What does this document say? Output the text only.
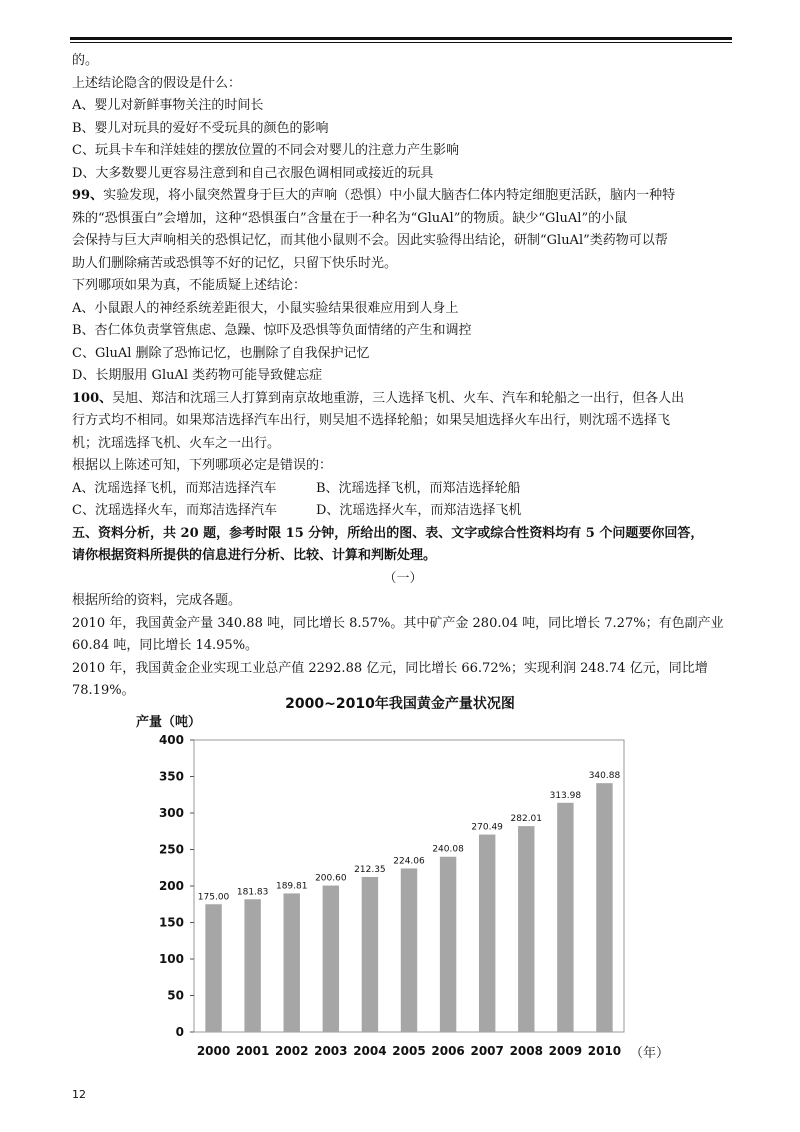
的。
上述结论隐含的假设是什么：
A、婴儿对新鲜事物关注的时间长
B、婴儿对玩具的爱好不受玩具的颜色的影响
C、玩具卡车和洋娃娃的摆放位置的不同会对婴儿的注意力产生影响
D、大多数婴儿更容易注意到和自己衣服色调相同或接近的玩具
99、实验发现，将小鼠突然置身于巨大的声响（恐惧）中小鼠大脑杏仁体内特定细胞更活跃，脑内一种特
殊的“恐惧蛋白”会增加，这种“恐惧蛋白”含量在于一种名为“GluAl”的物质。缺少“GluAl”的小鼠
会保持与巨大声响相关的恐惧记忆，而其他小鼠则不会。因此实验得出结论，研制“GluAl”类药物可以帮
助人们删除痛苦或恐惧等不好的记忆，只留下快乐时光。
下列哪项如果为真，不能质疑上述结论：
A、小鼠跟人的神经系统差距很大，小鼠实验结果很难应用到人身上
B、杏仁体负责掌管焦虑、急躁、惊吓及恐惧等负面情绪的产生和调控
C、GluAl 删除了恐怖记忆，也删除了自我保护记忆
D、长期服用 GluAl 类药物可能导致健忘症
100、吴旭、郑洁和沈瑶三人打算到南京故地重游，三人选择飞机、火车、汽车和轮船之一出行，但各人出
行方式均不相同。如果郑洁选择汽车出行，则吴旭不选择轮船；如果吴旭选择火车出行，则沈瑶不选择飞
机；沈瑶选择飞机、火车之一出行。
根据以上陈述可知，下列哪项必定是错误的：
A、沈瑶选择飞机，而郑洁选择汽车	B、沈瑶选择飞机，而郑洁选择轮船
C、沈瑶选择火车，而郑洁选择汽车	D、沈瑶选择火车，而郑洁选择飞机
五、资料分析，共 20 题，参考时限 15 分钟，所给出的图、表、文字或综合性资料均有 5 个问题要你回答，
请你根据资料所提供的信息进行分析、比较、计算和判断处理。
（一）
根据所给的资料，完成各题。
2010 年，我国黄金产量 340.88 吨，同比增长 8.57%。其中矿产金 280.04 吨，同比增长 7.27%；有色副产业
60.84 吨，同比增长 14.95%。
2010 年，我国黄金企业实现工业总产值 2292.88 亿元，同比增长 66.72%；实现利润 248.74 亿元，同比增
78.19%。
2000~2010年我国黄金产量状况图
产量（吨）
（年）
0
50
100
150
200
250
300
350
400
175.00 181.83
189.81
200.60
212.35
224.06
240.08
270.49
282.01
313.98
340.88
2000 2001 2002 2003 2004 2005 2006 2007 2008 2009 2010
12
